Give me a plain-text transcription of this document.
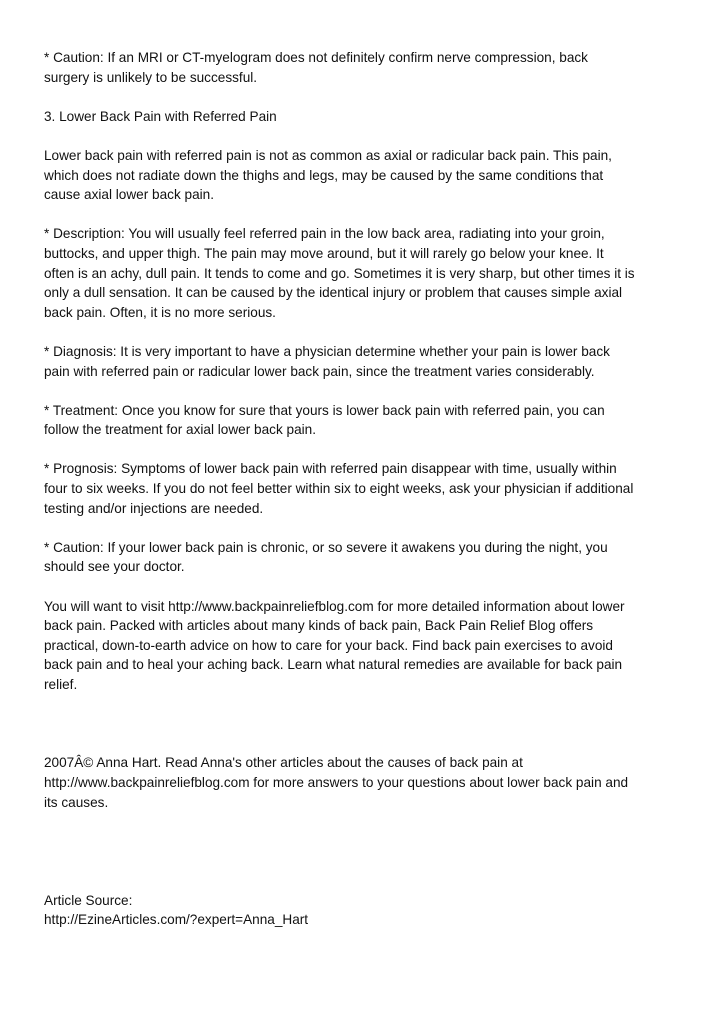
* Caution: If an MRI or CT-myelogram does not definitely confirm nerve compression, back
surgery is unlikely to be successful.
3. Lower Back Pain with Referred Pain
Lower back pain with referred pain is not as common as axial or radicular back pain. This pain,
which does not radiate down the thighs and legs, may be caused by the same conditions that
cause axial lower back pain.
* Description: You will usually feel referred pain in the low back area, radiating into your groin,
buttocks, and upper thigh. The pain may move around, but it will rarely go below your knee. It
often is an achy, dull pain. It tends to come and go. Sometimes it is very sharp, but other times it is
only a dull sensation. It can be caused by the identical injury or problem that causes simple axial
back pain. Often, it is no more serious.
* Diagnosis: It is very important to have a physician determine whether your pain is lower back
pain with referred pain or radicular lower back pain, since the treatment varies considerably.
* Treatment: Once you know for sure that yours is lower back pain with referred pain, you can
follow the treatment for axial lower back pain.
* Prognosis: Symptoms of lower back pain with referred pain disappear with time, usually within
four to six weeks. If you do not feel better within six to eight weeks, ask your physician if additional
testing and/or injections are needed.
* Caution: If your lower back pain is chronic, or so severe it awakens you during the night, you
should see your doctor.
You will want to visit http://www.backpainreliefblog.com for more detailed information about lower
back pain. Packed with articles about many kinds of back pain, Back Pain Relief Blog offers
practical, down-to-earth advice on how to care for your back. Find back pain exercises to avoid
back pain and to heal your aching back. Learn what natural remedies are available for back pain
relief.
2007Â© Anna Hart. Read Anna's other articles about the causes of back pain at
http://www.backpainreliefblog.com for more answers to your questions about lower back pain and
its causes.
Article Source:
http://EzineArticles.com/?expert=Anna_Hart
